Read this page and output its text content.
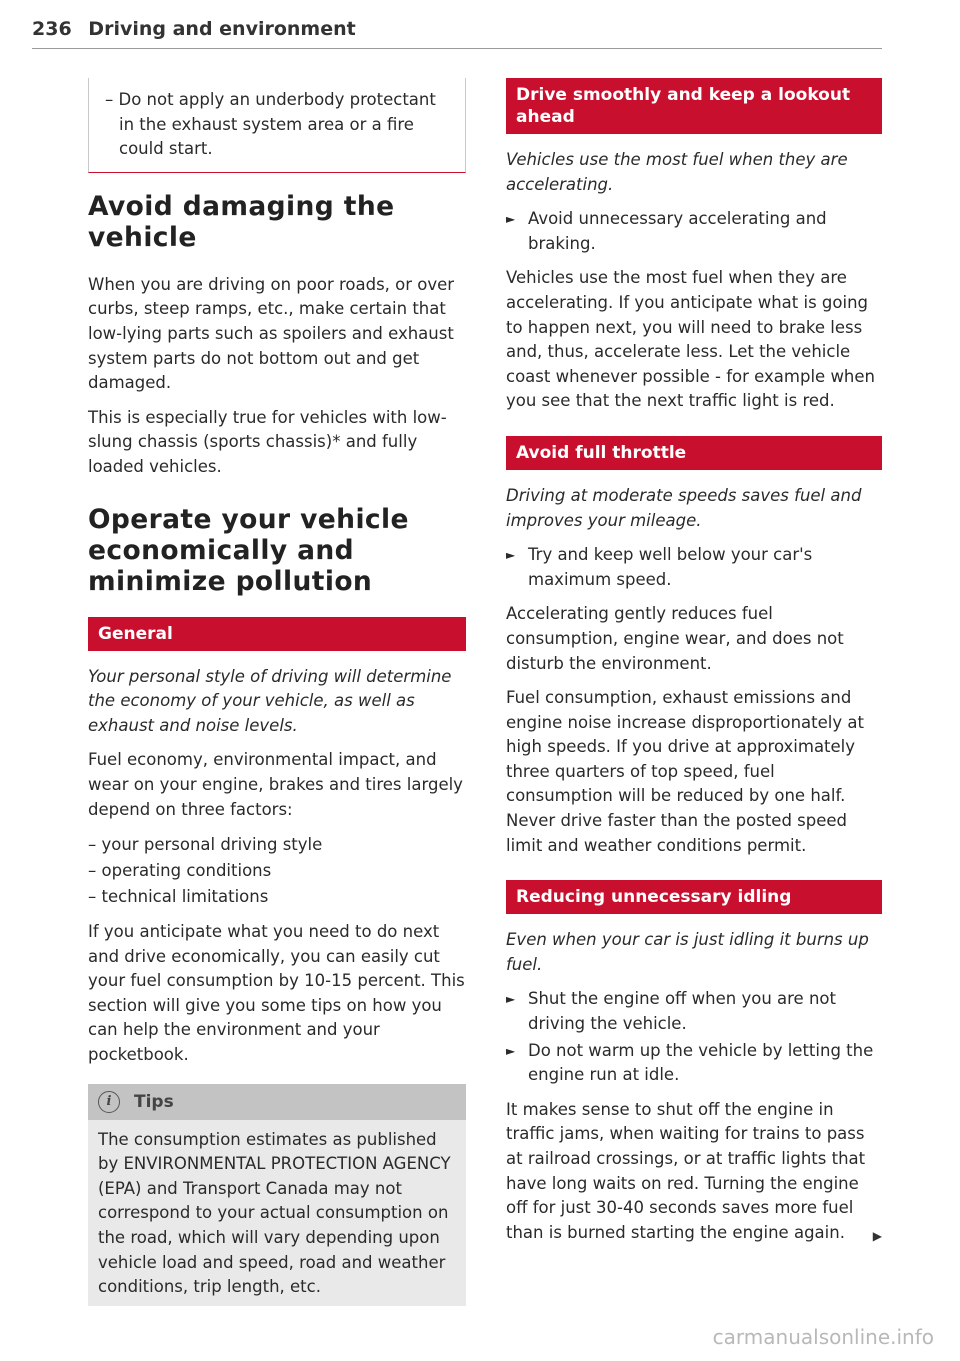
236 Driving and environment
– Do not apply an underbody protectant in the exhaust system area or a fire could start.
Avoid damaging the vehicle

When you are driving on poor roads, or over curbs, steep ramps, etc., make certain that low-lying parts such as spoilers and exhaust system parts do not bottom out and get damaged.

This is especially true for vehicles with low-slung chassis (sports chassis)* and fully loaded vehicles.

Operate your vehicle economically and minimize pollution
General

Your personal style of driving will determine the economy of your vehicle, as well as exhaust and noise levels.

Fuel economy, environmental impact, and wear on your engine, brakes and tires largely depend on three factors:

– your personal driving style
– operating conditions
– technical limitations

If you anticipate what you need to do next and drive economically, you can easily cut your fuel consumption by 10-15 percent. This section will give you some tips on how you can help the environment and your pocketbook.

i	Tips
The consumption estimates as published by ENVIRONMENTAL PROTECTION AGENCY (EPA) and Transport Canada may not correspond to your actual consumption on the road, which will vary depending upon vehicle load and speed, road and weather conditions, trip length, etc.
Drive smoothly and keep a lookout ahead

Vehicles use the most fuel when they are accelerating.

► Avoid unnecessary accelerating and braking.

Vehicles use the most fuel when they are accelerating. If you anticipate what is going to happen next, you will need to brake less and, thus, accelerate less. Let the vehicle coast whenever possible - for example when you see that the next traffic light is red.

Avoid full throttle

Driving at moderate speeds saves fuel and improves your mileage.

► Try and keep well below your car's maximum speed.

Accelerating gently reduces fuel consumption, engine wear, and does not disturb the environment.

Fuel consumption, exhaust emissions and engine noise increase disproportionately at high speeds. If you drive at approximately three quarters of top speed, fuel consumption will be reduced by one half. Never drive faster than the posted speed limit and weather conditions permit.

Reducing unnecessary idling

Even when your car is just idling it burns up fuel.

► Shut the engine off when you are not driving the vehicle.
► Do not warm up the vehicle by letting the engine run at idle.

It makes sense to shut off the engine in traffic jams, when waiting for trains to pass at railroad crossings, or at traffic lights that have long waits on red. Turning the engine off for just 30-40 seconds saves more fuel than is burned starting the engine again.	▶
carmanualsonline.info
